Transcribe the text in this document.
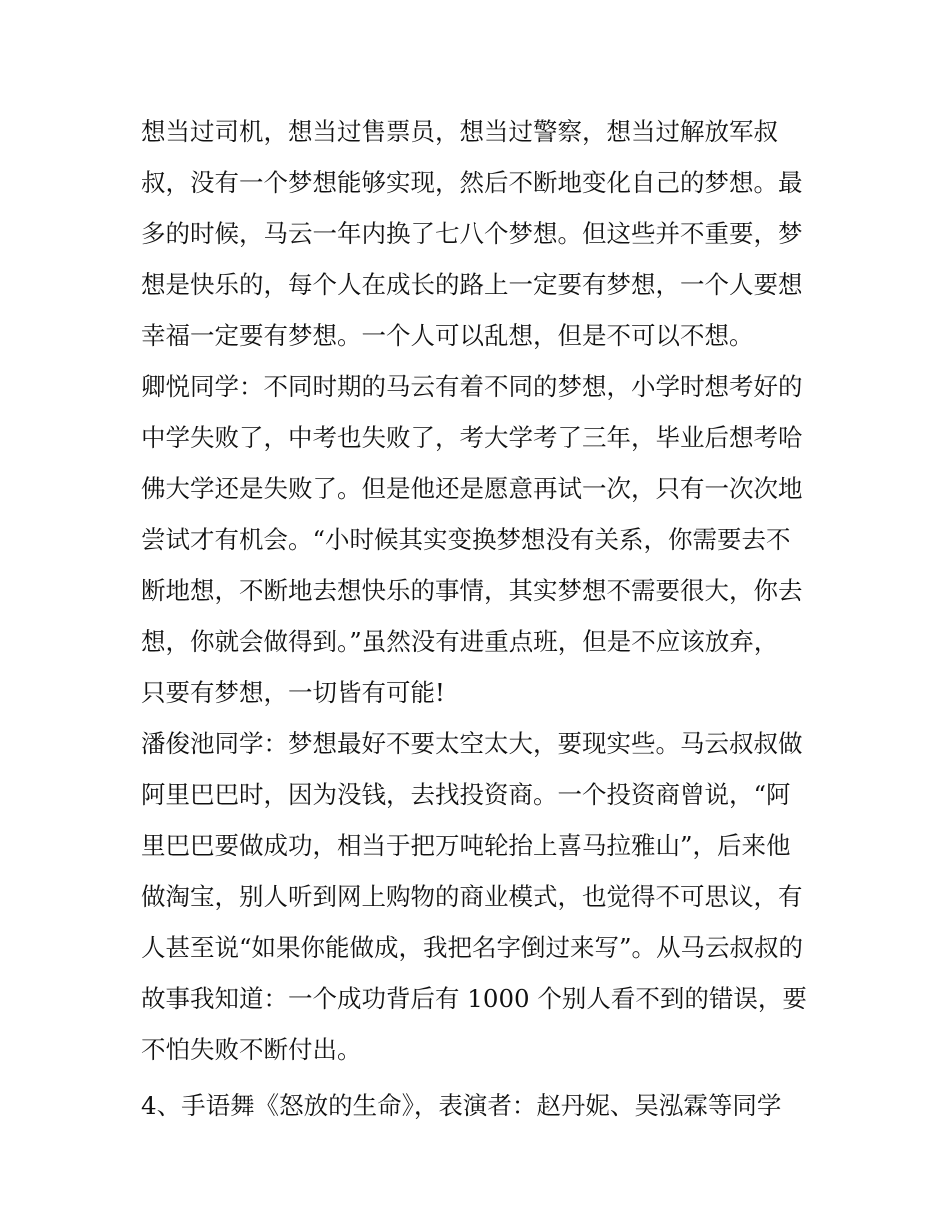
想当过司机，想当过售票员，想当过警察，想当过解放军叔
叔，没有一个梦想能够实现，然后不断地变化自己的梦想。最
多的时候，马云一年内换了七八个梦想。但这些并不重要，梦
想是快乐的，每个人在成长的路上一定要有梦想，一个人要想
幸福一定要有梦想。一个人可以乱想，但是不可以不想。
卿悦同学：不同时期的马云有着不同的梦想，小学时想考好的
中学失败了，中考也失败了，考大学考了三年，毕业后想考哈
佛大学还是失败了。但是他还是愿意再试一次，只有一次次地
尝试才有机会。“小时候其实变换梦想没有关系，你需要去不
断地想，不断地去想快乐的事情，其实梦想不需要很大，你去
想，你就会做得到。”虽然没有进重点班，但是不应该放弃，
只要有梦想，一切皆有可能!
潘俊池同学：梦想最好不要太空太大，要现实些。马云叔叔做
阿里巴巴时，因为没钱，去找投资商。一个投资商曾说，“阿
里巴巴要做成功，相当于把万吨轮抬上喜马拉雅山”，后来他
做淘宝，别人听到网上购物的商业模式，也觉得不可思议，有
人甚至说“如果你能做成，我把名字倒过来写”。从马云叔叔的
故事我知道：一个成功背后有 1000 个别人看不到的错误，要
不怕失败不断付出。
4、手语舞《怒放的生命》，表演者：赵丹妮、吴泓霖等同学
